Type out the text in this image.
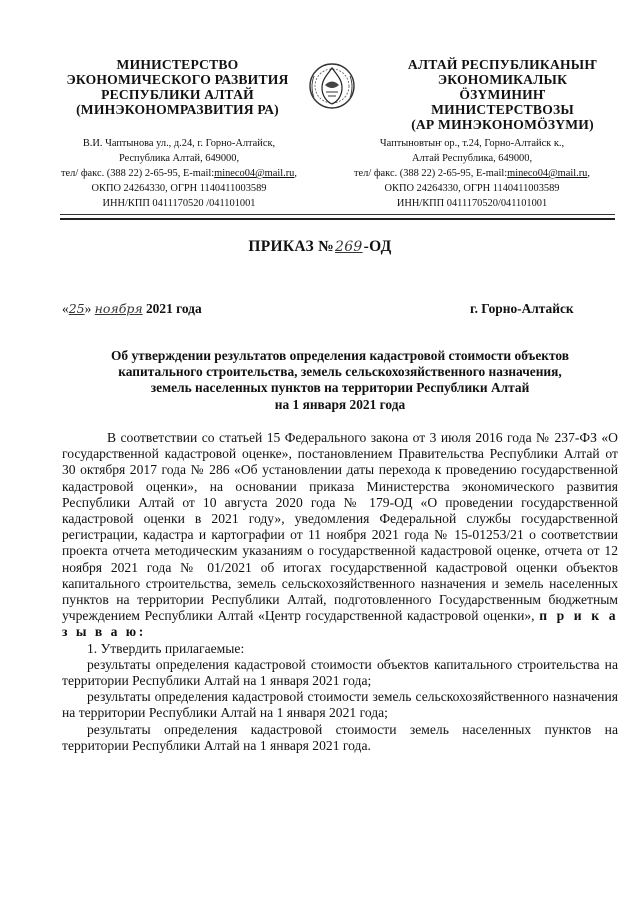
МИНИСТЕРСТВО
ЭКОНОМИЧЕСКОГО РАЗВИТИЯ
РЕСПУБЛИКИ АЛТАЙ
(МИНЭКОНОМРАЗВИТИЯ РА)
АЛТАЙ РЕСПУБЛИКАНЫҤ
ЭКОНОМИКАЛЫК ÖЗҮМИНИҤ
МИНИСТЕРСТВОЗЫ
(АР МИНЭКОНОМÖЗҮМИ)
В.И. Чаптынова ул., д.24, г. Горно-Алтайск,
Республика Алтай, 649000,
тел/ факс. (388 22) 2-65-95, E-mail:mineco04@mail.ru,
ОКПО 24264330, ОГРН 1140411003589
ИНН/КПП 0411170520 /041101001
Чаптыновтыҥ ор., т.24, Горно-Алтайск к.,
Алтай Республика, 649000,
тел/ факс. (388 22) 2-65-95, E-mail:mineco04@mail.ru,
ОКПО 24264330, ОГРН 1140411003589
ИНН/КПП 0411170520/041101001
ПРИКАЗ №269-ОД
«25» ноября 2021 года	г. Горно-Алтайск
Об утверждении результатов определения кадастровой стоимости объектов
капитального строительства, земель сельскохозяйственного назначения,
земель населенных пунктов на территории Республики Алтай
на 1 января 2021 года

В соответствии со статьей 15 Федерального закона от 3 июля 2016 года № 237-ФЗ «О государственной кадастровой оценке», постановлением Правительства Республики Алтай от 30 октября 2017 года № 286 «Об установлении даты перехода к проведению государственной кадастровой оценки», на основании приказа Министерства экономического развития Республики Алтай от 10 августа 2020 года № 179-ОД «О проведении государственной кадастровой оценки в 2021 году», уведомления Федеральной службы государственной регистрации, кадастра и картографии от 11 ноября 2021 года № 15-01253/21 о соответствии проекта отчета методическим указаниям о государственной кадастровой оценке, отчета от 12 ноября 2021 года № 01/2021 об итогах государственной кадастровой оценки объектов капитального строительства, земель сельскохозяйственного назначения и земель населенных пунктов на территории Республики Алтай, подготовленного Государственным бюджетным учреждением Республики Алтай «Центр государственной кадастровой оценки», п р и к а з ы в а ю:

1. Утвердить прилагаемые:

результаты определения кадастровой стоимости объектов капитального строительства на территории Республики Алтай на 1 января 2021 года;

результаты определения кадастровой стоимости земель сельскохозяйственного назначения на территории Республики Алтай на 1 января 2021 года;

результаты определения кадастровой стоимости земель населенных пунктов на территории Республики Алтай на 1 января 2021 года.
